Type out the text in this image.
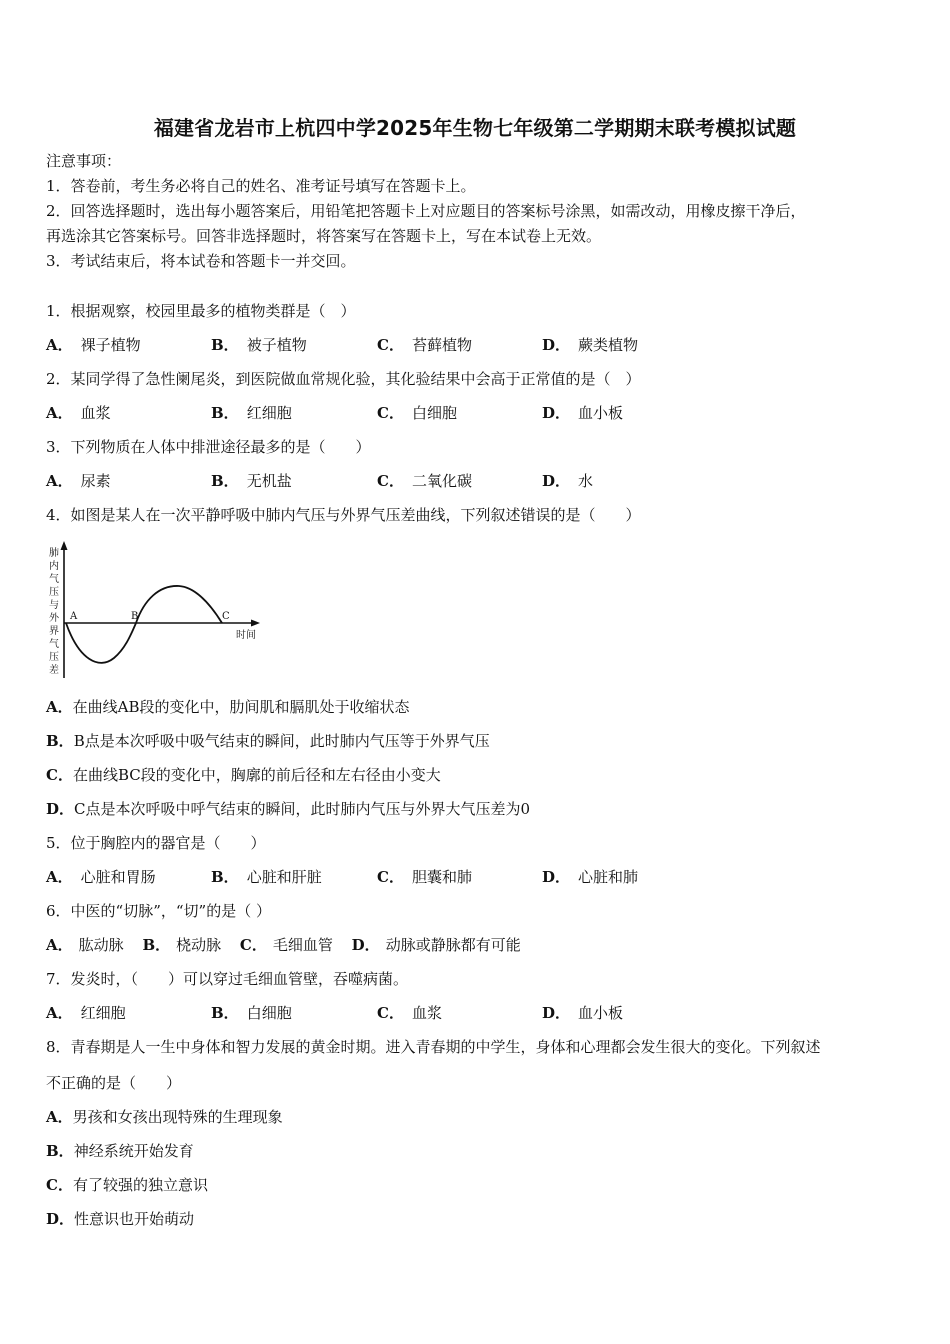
福建省龙岩市上杭四中学2025年生物七年级第二学期期末联考模拟试题
注意事项：
1．答卷前，考生务必将自己的姓名、准考证号填写在答题卡上。
2．回答选择题时，选出每小题答案后，用铅笔把答题卡上对应题目的答案标号涂黑，如需改动，用橡皮擦干净后，
再选涂其它答案标号。回答非选择题时，将答案写在答题卡上，写在本试卷上无效。
3．考试结束后，将本试卷和答题卡一并交回。
1．根据观察，校园里最多的植物类群是（　）
A． 裸子植物	B． 被子植物	C． 苔藓植物	D． 蕨类植物
2．某同学得了急性阑尾炎，到医院做血常规化验，其化验结果中会高于正常值的是（　）
A． 血浆	B． 红细胞	C． 白细胞	D． 血小板
3．下列物质在人体中排泄途径最多的是（　　）
A． 尿素	B． 无机盐	C． 二氧化碳	D． 水
4．如图是某人在一次平静呼吸中肺内气压与外界气压差曲线，下列叙述错误的是（　　）
A	B	C
时间
肺
内
气
压
与
外
界
气
压
差
A．在曲线AB段的变化中，肋间肌和膈肌处于收缩状态
B．B点是本次呼吸中吸气结束的瞬间，此时肺内气压等于外界气压
C．在曲线BC段的变化中，胸廓的前后径和左右径由小变大
D．C点是本次呼吸中呼气结束的瞬间，此时肺内气压与外界大气压差为0
5．位于胸腔内的器官是（　　）
A． 心脏和胃肠	B． 心脏和肝脏	C． 胆囊和肺	D． 心脏和肺
6．中医的“切脉”，“切”的是（ ）
A． 肱动脉 B． 桡动脉 C． 毛细血管 D． 动脉或静脉都有可能
7．发炎时，（　　）可以穿过毛细血管壁，吞噬病菌。
A． 红细胞	B． 白细胞	C． 血浆	D． 血小板
8．青春期是人一生中身体和智力发展的黄金时期。进入青春期的中学生，身体和心理都会发生很大的变化。下列叙述
不正确的是（　　）
A．男孩和女孩出现特殊的生理现象
B．神经系统开始发育
C．有了较强的独立意识
D．性意识也开始萌动
